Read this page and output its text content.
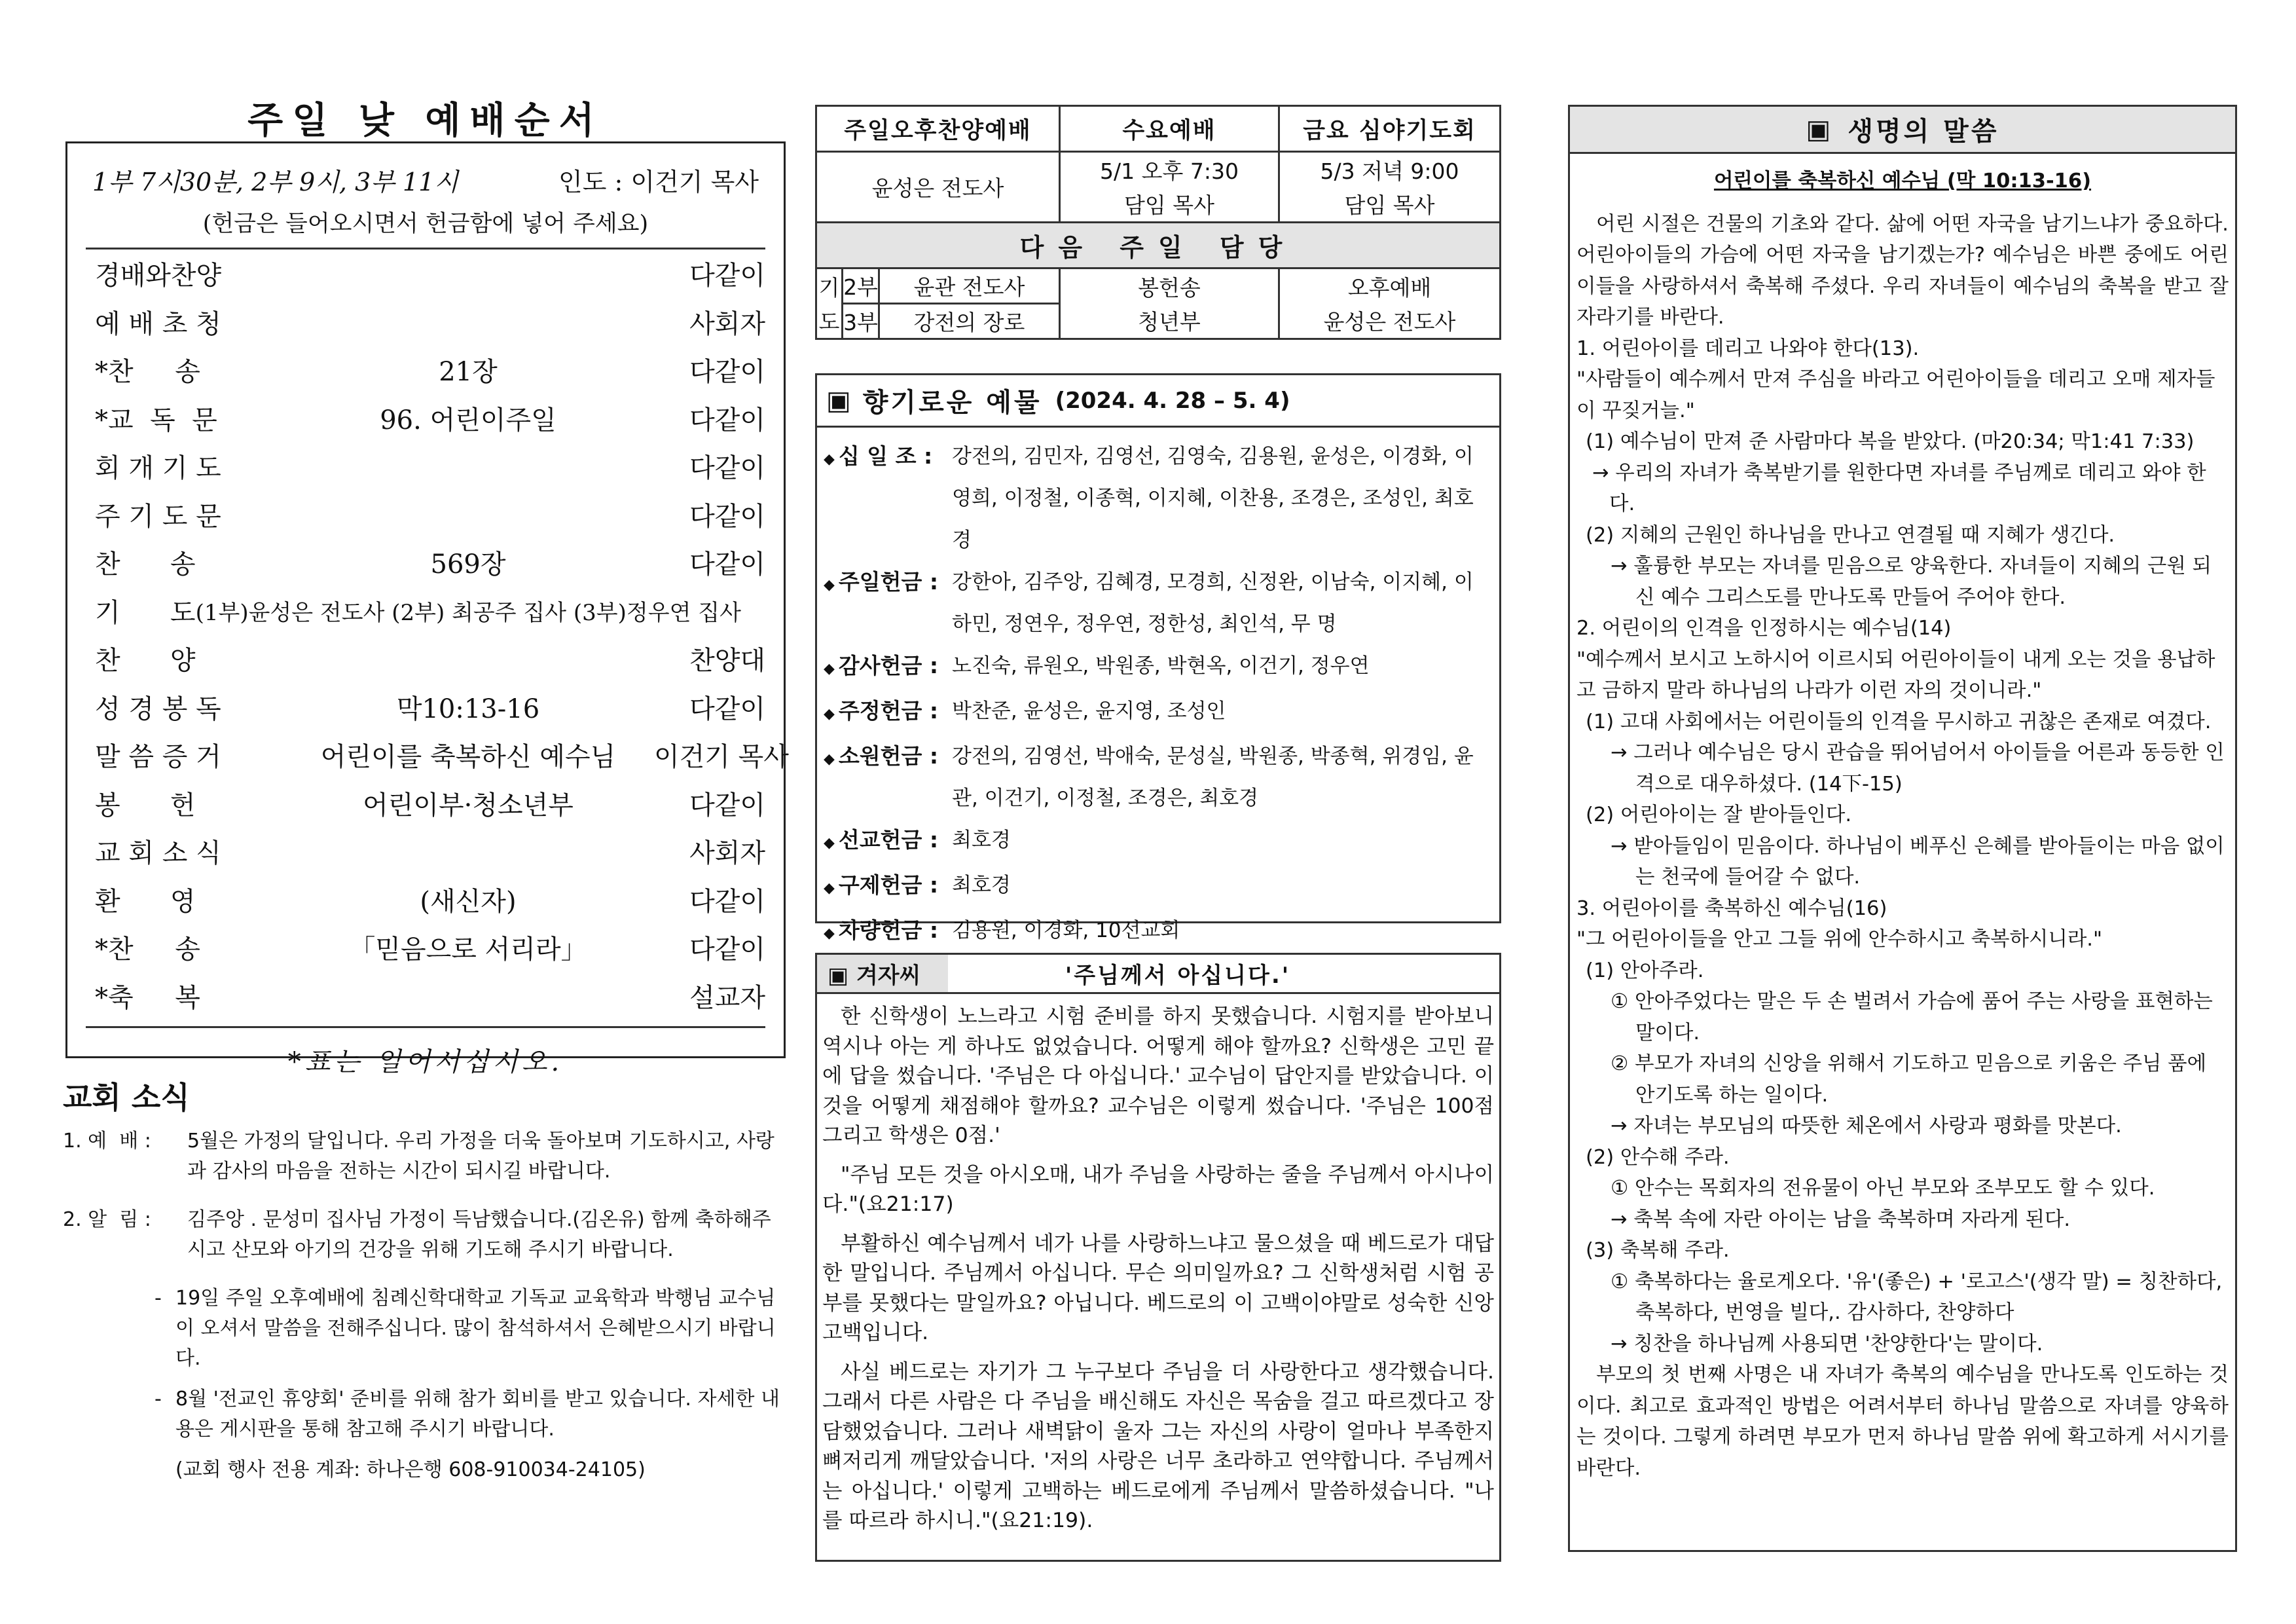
주일 낮 예배순서
1부 7시30분, 2부 9시, 3부 11시	인도 : 이건기 목사
(헌금은 들어오시면서 헌금함에 넣어 주세요)
경배와찬양	다같이
예 배 초 청	사회자
*찬     송	21장	다같이
*교  독  문	96. 어린이주일	다같이
회 개 기 도	다같이
주 기 도 문	다같이
찬      송	569장	다같이
기      도 (1부)윤성은 전도사 (2부) 최공주 집사 (3부)정우연 집사
찬      양	찬양대
성 경 봉 독	막10:13-16	다같이
말 씀 증 거	어린이를 축복하신 예수님	이건기 목사
봉      헌	어린이부·청소년부	다같이
교 회 소 식	사회자
환      영	(새신자)	다같이
*찬     송	「믿음으로 서리라」	다같이
*축     복	설교자
*표는 일어서십시오.
교회 소식
1. 예  배 :	5월은 가정의 달입니다. 우리 가정을 더욱 돌아보며 기도하시고, 사랑과 감사의 마음을 전하는 시간이 되시길 바랍니다.
2. 알  림 :	김주앙 . 문성미 집사님 가정이 득남했습니다.(김온유) 함께 축하해주시고 산모와 아기의 건강을 위해 기도해 주시기 바랍니다.
- 19일 주일 오후예배에 침례신학대학교 기독교 교육학과 박행님 교수님이 오셔서 말씀을 전해주십니다. 많이 참석하셔서 은혜받으시기 바랍니다.
- 8월 '전교인 휴양회' 준비를 위해 참가 회비를 받고 있습니다. 자세한 내용은 게시판을 통해 참고해 주시기 바랍니다.
(교회 행사 전용 계좌: 하나은행 608-910034-24105)
주일오후찬양예배			수요예배	금요 심야기도회
윤성은 전도사			5/1 오후 7:30	5/3 저녁 9:00
			담임 목사	담임 목사
다음 주일 담당				
기	2부	윤관 전도사	봉헌송	오후예배
도	3부	강전의 장로	청년부	윤성은 전도사
▣ 향기로운 예물 (2024. 4. 28 – 5. 4)
◆ 십 일 조 : 강전의, 김민자, 김영선, 김영숙, 김용원, 윤성은, 이경화, 이영희, 이정철, 이종혁, 이지혜, 이찬용, 조경은, 조성인, 최호경
◆ 주일헌금 : 강한아, 김주앙, 김혜경, 모경희, 신정완, 이남숙, 이지혜, 이하민, 정연우, 정우연, 정한성, 최인석, 무 명
◆ 감사헌금 : 노진숙, 류원오, 박원종, 박현옥, 이건기, 정우연
◆ 주정헌금 : 박찬준, 윤성은, 윤지영, 조성인
◆ 소원헌금 : 강전의, 김영선, 박애숙, 문성실, 박원종, 박종혁, 위경임, 윤 관, 이건기, 이정철, 조경은, 최호경
◆ 선교헌금 : 최호경
◆ 구제헌금 : 최호경
◆ 차량헌금 : 김용원, 이경화, 10선교회
▣ 겨자씨	'주님께서 아십니다.'

한 신학생이 노느라고 시험 준비를 하지 못했습니다. 시험지를 받아보니 역시나 아는 게 하나도 없었습니다. 어떻게 해야 할까요? 신학생은 고민 끝에 답을 썼습니다. '주님은 다 아십니다.' 교수님이 답안지를 받았습니다. 이것을 어떻게 채점해야 할까요? 교수님은 이렇게 썼습니다. '주님은 100점 그리고 학생은 0점.'

"주님 모든 것을 아시오매, 내가 주님을 사랑하는 줄을 주님께서 아시나이다."(요21:17)

부활하신 예수님께서 네가 나를 사랑하느냐고 물으셨을 때 베드로가 대답한 말입니다. 주님께서 아십니다. 무슨 의미일까요? 그 신학생처럼 시험 공부를 못했다는 말일까요? 아닙니다. 베드로의 이 고백이야말로 성숙한 신앙 고백입니다.

사실 베드로는 자기가 그 누구보다 주님을 더 사랑한다고 생각했습니다. 그래서 다른 사람은 다 주님을 배신해도 자신은 목숨을 걸고 따르겠다고 장담했었습니다. 그러나 새벽닭이 울자 그는 자신의 사랑이 얼마나 부족한지 뼈저리게 깨달았습니다. '저의 사랑은 너무 초라하고 연약합니다. 주님께서는 아십니다.' 이렇게 고백하는 베드로에게 주님께서 말씀하셨습니다. "나를 따르라 하시니."(요21:19).

▣ 생명의 말씀
어린이를 축복하신 예수님 (막 10:13-16)
어린 시절은 건물의 기초와 같다. 삶에 어떤 자국을 남기느냐가 중요하다. 어린아이들의 가슴에 어떤 자국을 남기겠는가? 예수님은 바쁜 중에도 어린이들을 사랑하셔서 축복해 주셨다. 우리 자녀들이 예수님의 축복을 받고 잘 자라기를 바란다.
1. 어린아이를 데리고 나와야 한다(13).
"사람들이 예수께서 만져 주심을 바라고 어린아이들을 데리고 오매 제자들이 꾸짖거늘."
(1) 예수님이 만져 준 사람마다 복을 받았다. (마20:34; 막1:41 7:33)
→ 우리의 자녀가 축복받기를 원한다면 자녀를 주님께로 데리고 와야 한다.
(2) 지혜의 근원인 하나님을 만나고 연결될 때 지혜가 생긴다.
→ 훌륭한 부모는 자녀를 믿음으로 양육한다. 자녀들이 지혜의 근원 되신 예수 그리스도를 만나도록 만들어 주어야 한다.
2. 어린이의 인격을 인정하시는 예수님(14)
"예수께서 보시고 노하시어 이르시되 어린아이들이 내게 오는 것을 용납하고 금하지 말라 하나님의 나라가 이런 자의 것이니라."
(1) 고대 사회에서는 어린이들의 인격을 무시하고 귀찮은 존재로 여겼다.
→ 그러나 예수님은 당시 관습을 뛰어넘어서 아이들을 어른과 동등한 인격으로 대우하셨다. (14下-15)
(2) 어린아이는 잘 받아들인다.
→ 받아들임이 믿음이다. 하나님이 베푸신 은혜를 받아들이는 마음 없이는 천국에 들어갈 수 없다.
3. 어린아이를 축복하신 예수님(16)
"그 어린아이들을 안고 그들 위에 안수하시고 축복하시니라."
(1) 안아주라.
① 안아주었다는 말은 두 손 벌려서 가슴에 품어 주는 사랑을 표현하는 말이다.
② 부모가 자녀의 신앙을 위해서 기도하고 믿음으로 키움은 주님 품에 안기도록 하는 일이다.
→ 자녀는 부모님의 따뜻한 체온에서 사랑과 평화를 맛본다.
(2) 안수해 주라.
① 안수는 목회자의 전유물이 아닌 부모와 조부모도 할 수 있다.
→ 축복 속에 자란 아이는 남을 축복하며 자라게 된다.
(3) 축복해 주라.
① 축복하다는 율로게오다. '유'(좋은) + '로고스'(생각 말) = 칭찬하다, 축복하다, 번영을 빌다,. 감사하다, 찬양하다
→ 칭찬을 하나님께 사용되면 '찬양한다'는 말이다.
부모의 첫 번째 사명은 내 자녀가 축복의 예수님을 만나도록 인도하는 것이다. 최고로 효과적인 방법은 어려서부터 하나님 말씀으로 자녀를 양육하는 것이다. 그렇게 하려면 부모가 먼저 하나님 말씀 위에 확고하게 서시기를 바란다.
